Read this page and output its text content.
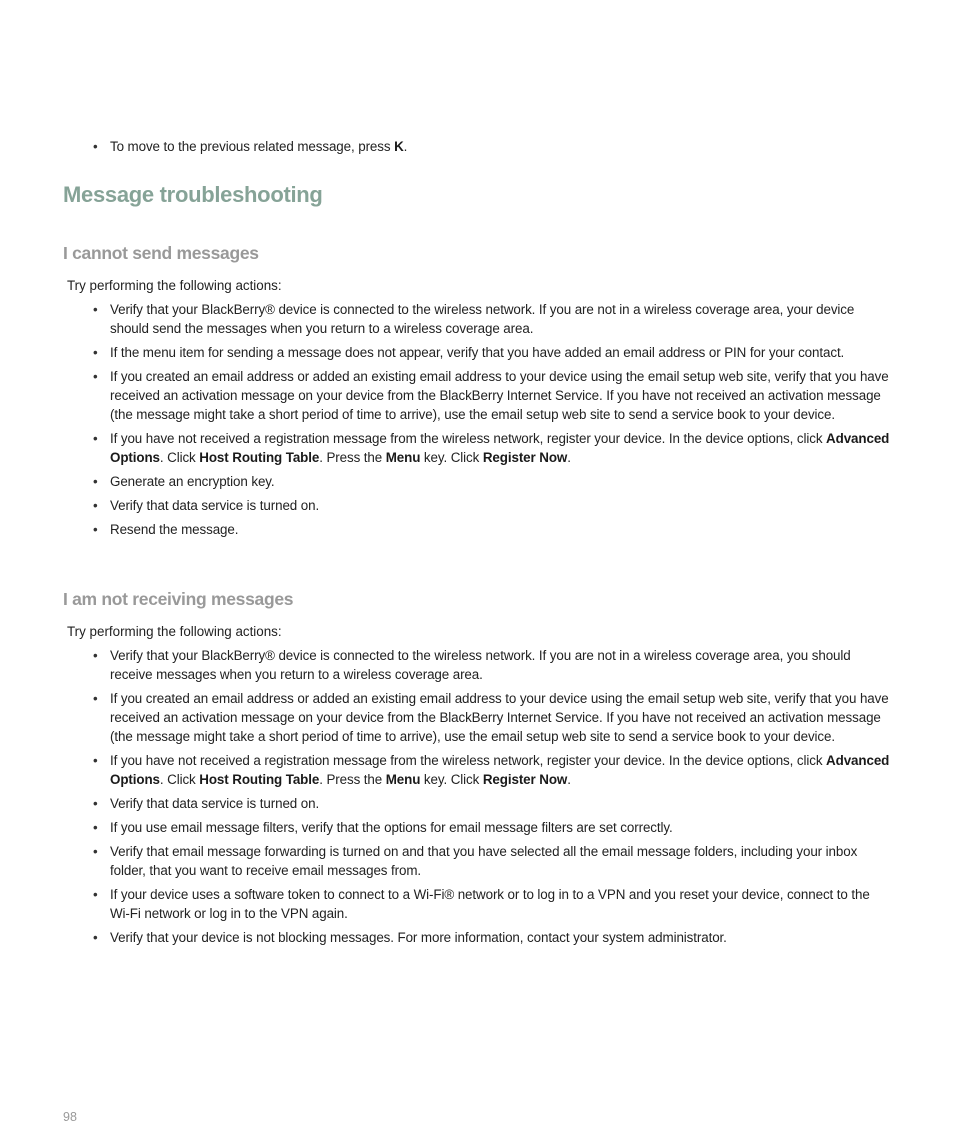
• To move to the previous related message, press K.
Message troubleshooting
I cannot send messages

Try performing the following actions:

• Verify that your BlackBerry® device is connected to the wireless network. If you are not in a wireless coverage area, your device should send the messages when you return to a wireless coverage area.
• If the menu item for sending a message does not appear, verify that you have added an email address or PIN for your contact.
• If you created an email address or added an existing email address to your device using the email setup web site, verify that you have received an activation message on your device from the BlackBerry Internet Service. If you have not received an activation message (the message might take a short period of time to arrive), use the email setup web site to send a service book to your device.
• If you have not received a registration message from the wireless network, register your device. In the device options, click Advanced Options. Click Host Routing Table. Press the Menu key. Click Register Now.
• Generate an encryption key.
• Verify that data service is turned on.
• Resend the message.
I am not receiving messages

Try performing the following actions:

• Verify that your BlackBerry® device is connected to the wireless network. If you are not in a wireless coverage area, you should receive messages when you return to a wireless coverage area.
• If you created an email address or added an existing email address to your device using the email setup web site, verify that you have received an activation message on your device from the BlackBerry Internet Service. If you have not received an activation message (the message might take a short period of time to arrive), use the email setup web site to send a service book to your device.
• If you have not received a registration message from the wireless network, register your device. In the device options, click Advanced Options. Click Host Routing Table. Press the Menu key. Click Register Now.
• Verify that data service is turned on.
• If you use email message filters, verify that the options for email message filters are set correctly.
• Verify that email message forwarding is turned on and that you have selected all the email message folders, including your inbox folder, that you want to receive email messages from.
• If your device uses a software token to connect to a Wi-Fi® network or to log in to a VPN and you reset your device, connect to the Wi-Fi network or log in to the VPN again.
• Verify that your device is not blocking messages. For more information, contact your system administrator.
98
